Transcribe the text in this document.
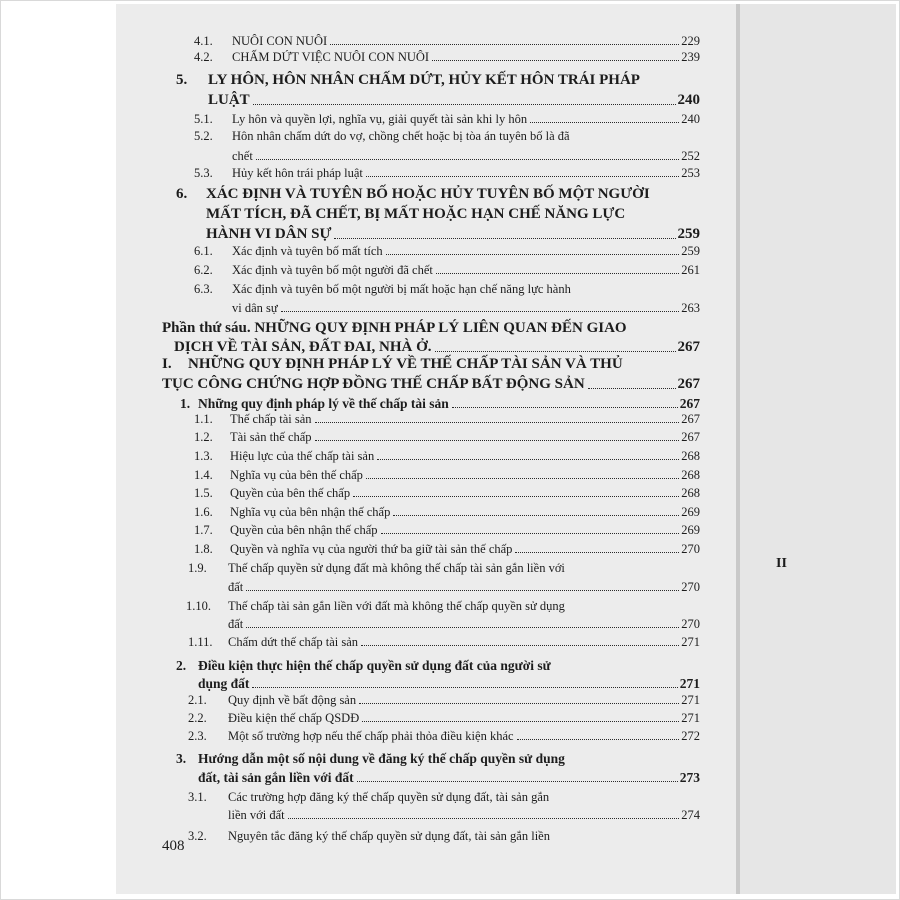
4.1. NUÔI CON NUÔI	229
4.2. CHẤM DỨT VIỆC NUÔI CON NUÔI	239
5. LY HÔN, HÔN NHÂN CHẤM DỨT, HỦY KẾT HÔN TRÁI PHÁP
LUẬT	240
5.1. Ly hôn và quyền lợi, nghĩa vụ, giải quyết tài sản khi ly hôn	240
5.2. Hôn nhân chấm dứt do vợ, chồng chết hoặc bị tòa án tuyên bố là đã
chết	252
5.3. Hủy kết hôn trái pháp luật	253
6. XÁC ĐỊNH VÀ TUYÊN BỐ HOẶC HỦY TUYÊN BỐ MỘT NGƯỜI
MẤT TÍCH, ĐÃ CHẾT, BỊ MẤT HOẶC HẠN CHẾ NĂNG LỰC
HÀNH VI DÂN SỰ	259
6.1. Xác định và tuyên bố mất tích	259
6.2. Xác định và tuyên bố một người đã chết	261
6.3. Xác định và tuyên bố một người bị mất hoặc hạn chế năng lực hành
vi dân sự	263
Phần thứ sáu. NHỮNG QUY ĐỊNH PHÁP LÝ LIÊN QUAN ĐẾN GIAO
DỊCH VỀ TÀI SẢN, ĐẤT ĐAI, NHÀ Ở.	267
I. NHỮNG QUY ĐỊNH PHÁP LÝ VỀ THẾ CHẤP TÀI SẢN VÀ THỦ
TỤC CÔNG CHỨNG HỢP ĐỒNG THẾ CHẤP BẤT ĐỘNG SẢN	267
1. Những quy định pháp lý về thế chấp tài sản	267
1.1. Thế chấp tài sản	267
1.2. Tài sản thế chấp	267
1.3. Hiệu lực của thế chấp tài sản	268
1.4. Nghĩa vụ của bên thế chấp	268
1.5. Quyền của bên thế chấp	268
1.6. Nghĩa vụ của bên nhận thế chấp	269
1.7. Quyền của bên nhận thế chấp	269
1.8. Quyền và nghĩa vụ của người thứ ba giữ tài sản thế chấp	270
1.9. Thế chấp quyền sử dụng đất mà không thế chấp tài sản gắn liền với
đất	270
1.10. Thế chấp tài sản gắn liền với đất mà không thế chấp quyền sử dụng
đất	270
1.11. Chấm dứt thế chấp tài sản	271
2. Điều kiện thực hiện thế chấp quyền sử dụng đất của người sử
dụng đất	271
2.1. Quy định về bất động sản	271
2.2. Điều kiện thế chấp QSDĐ	271
2.3. Một số trường hợp nếu thế chấp phải thỏa điều kiện khác	272
3. Hướng dẫn một số nội dung về đăng ký thế chấp quyền sử dụng
đất, tài sản gắn liền với đất	273
3.1. Các trường hợp đăng ký thế chấp quyền sử dụng đất, tài sản gắn
liền với đất	274
3.2. Nguyên tắc đăng ký thế chấp quyền sử dụng đất, tài sản gắn liền
408
II
